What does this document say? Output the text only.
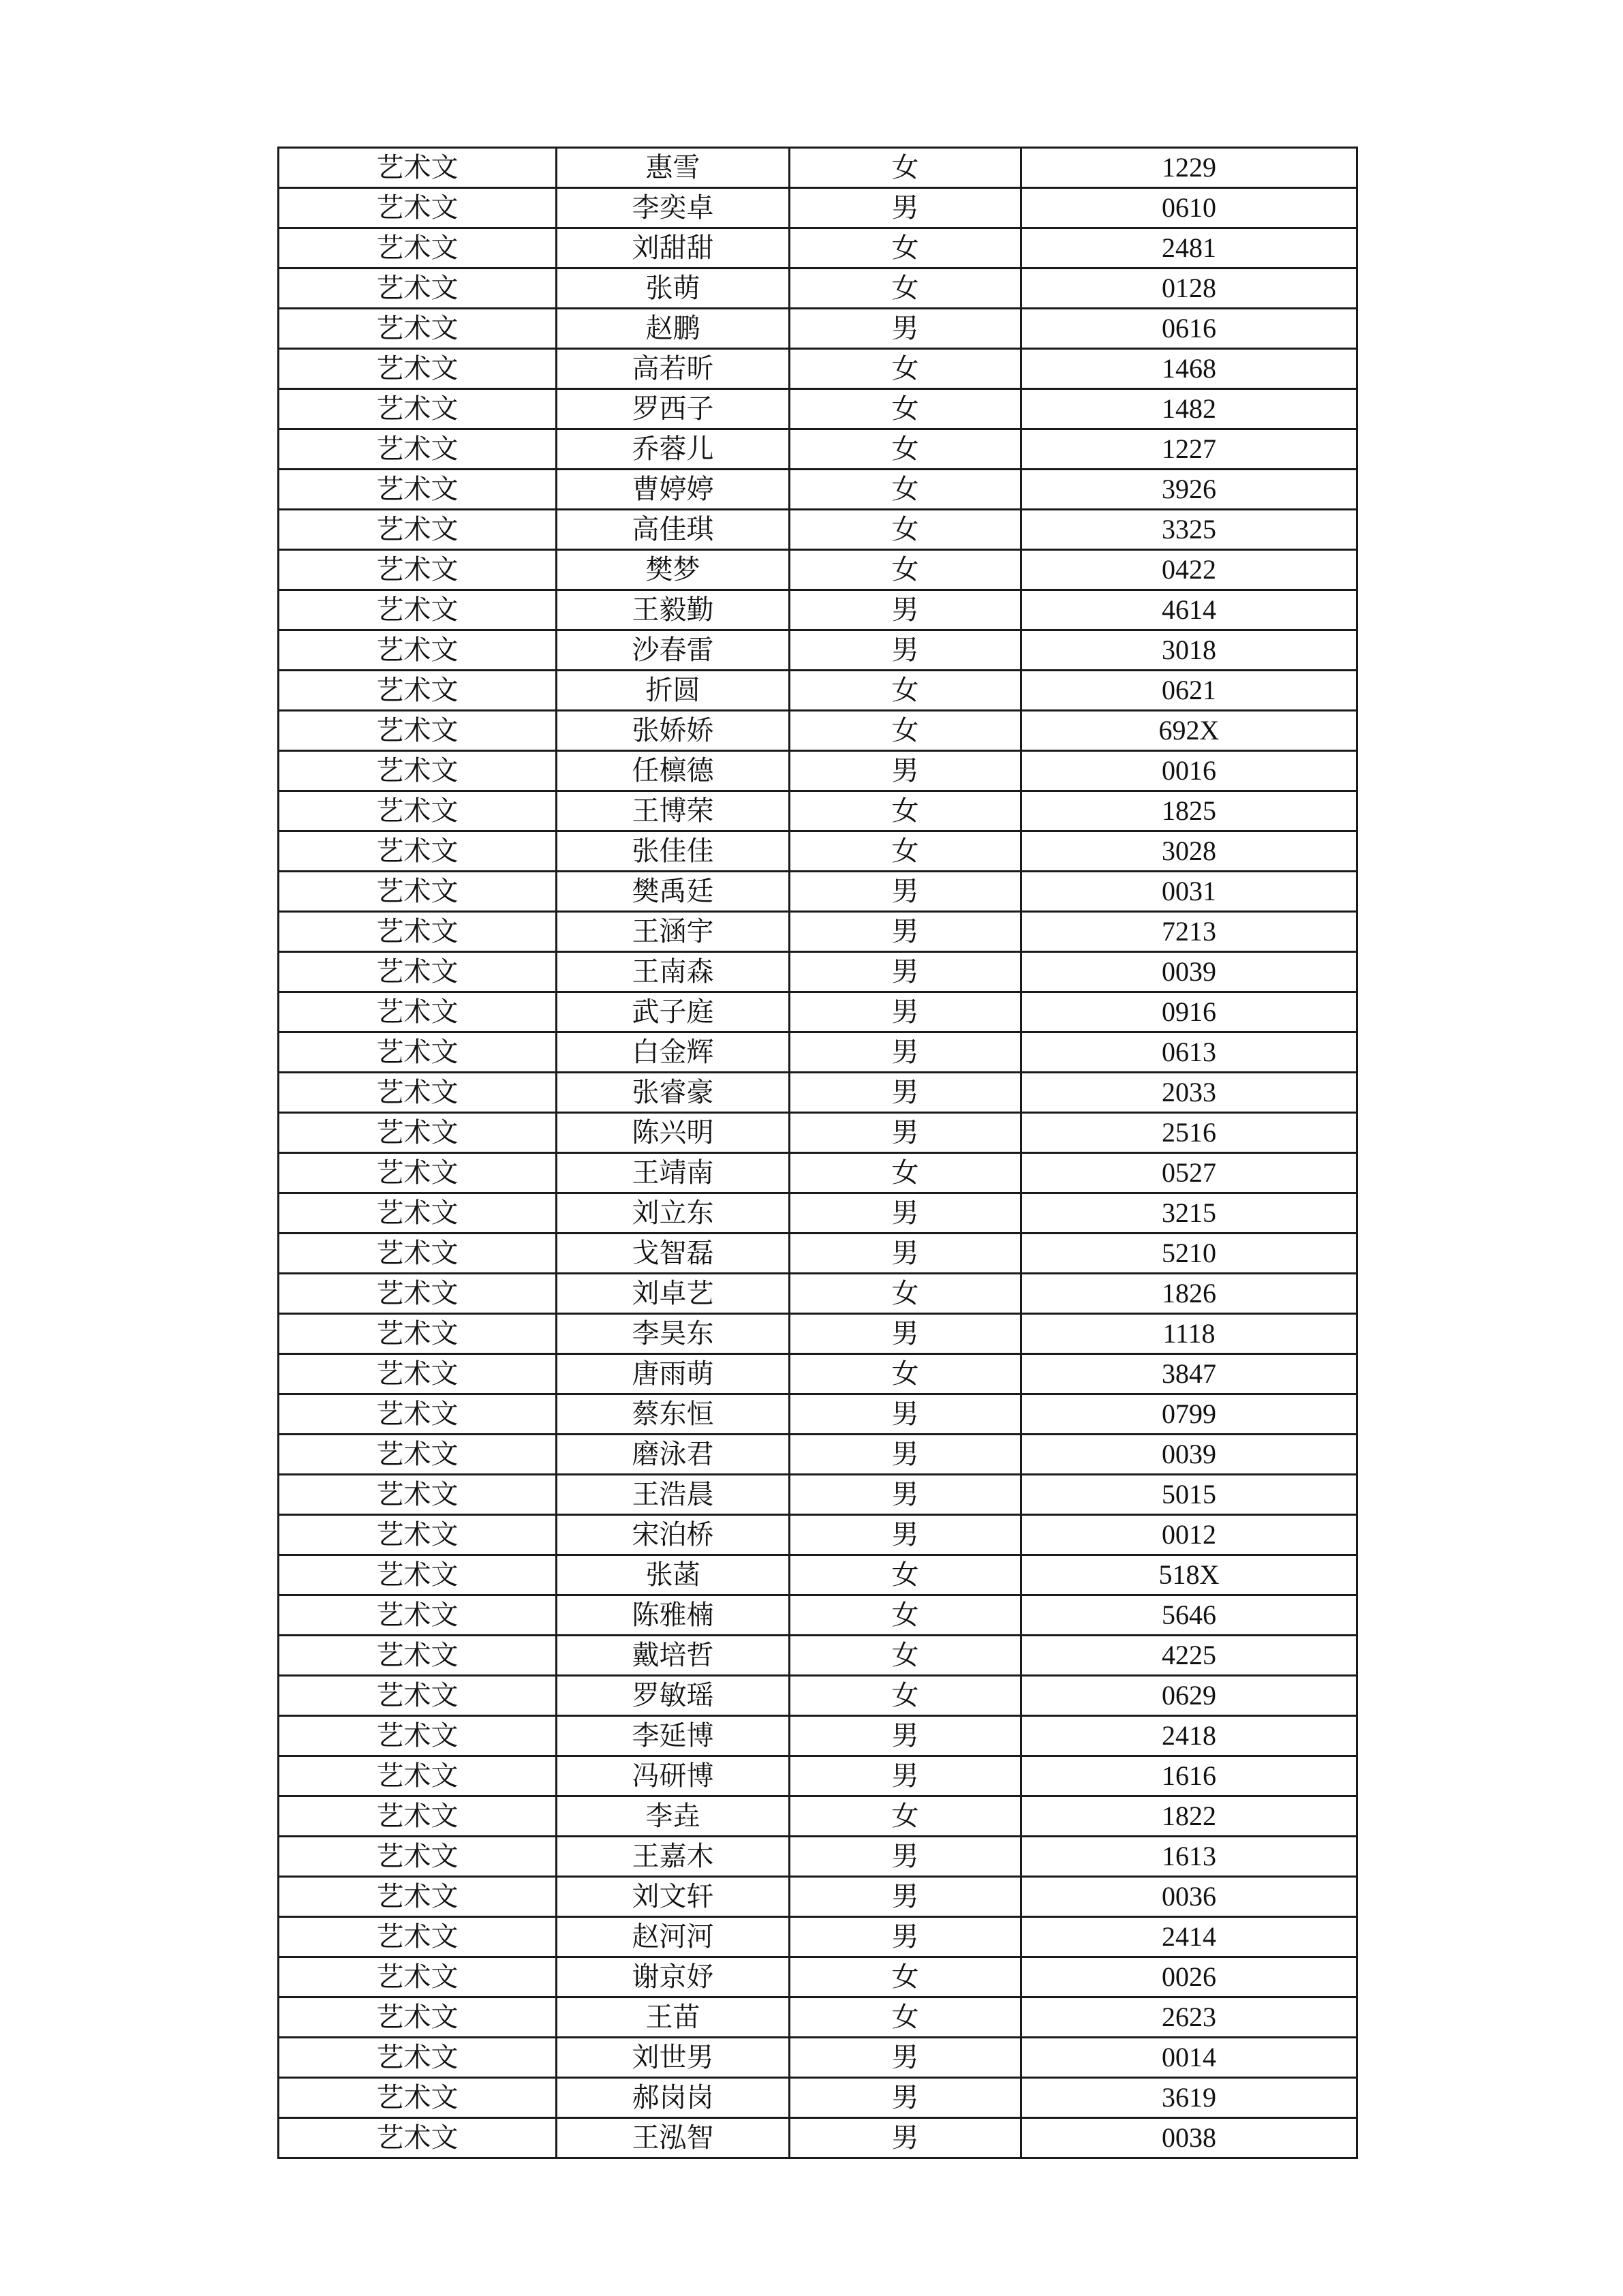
艺术文	惠雪	女	1229
艺术文	李奕卓	男	0610
艺术文	刘甜甜	女	2481
艺术文	张萌	女	0128
艺术文	赵鹏	男	0616
艺术文	高若昕	女	1468
艺术文	罗西子	女	1482
艺术文	乔蓉儿	女	1227
艺术文	曹婷婷	女	3926
艺术文	高佳琪	女	3325
艺术文	樊梦	女	0422
艺术文	王毅勤	男	4614
艺术文	沙春雷	男	3018
艺术文	折圆	女	0621
艺术文	张娇娇	女	692X
艺术文	任檩德	男	0016
艺术文	王博荣	女	1825
艺术文	张佳佳	女	3028
艺术文	樊禹廷	男	0031
艺术文	王涵宇	男	7213
艺术文	王南森	男	0039
艺术文	武子庭	男	0916
艺术文	白金辉	男	0613
艺术文	张睿豪	男	2033
艺术文	陈兴明	男	2516
艺术文	王靖南	女	0527
艺术文	刘立东	男	3215
艺术文	戈智磊	男	5210
艺术文	刘卓艺	女	1826
艺术文	李昊东	男	1118
艺术文	唐雨萌	女	3847
艺术文	蔡东恒	男	0799
艺术文	磨泳君	男	0039
艺术文	王浩晨	男	5015
艺术文	宋泊桥	男	0012
艺术文	张菡	女	518X
艺术文	陈雅楠	女	5646
艺术文	戴培哲	女	4225
艺术文	罗敏瑶	女	0629
艺术文	李延博	男	2418
艺术文	冯研博	男	1616
艺术文	李垚	女	1822
艺术文	王嘉木	男	1613
艺术文	刘文轩	男	0036
艺术文	赵河河	男	2414
艺术文	谢京妤	女	0026
艺术文	王苗	女	2623
艺术文	刘世男	男	0014
艺术文	郝岗岗	男	3619
艺术文	王泓智	男	0038
